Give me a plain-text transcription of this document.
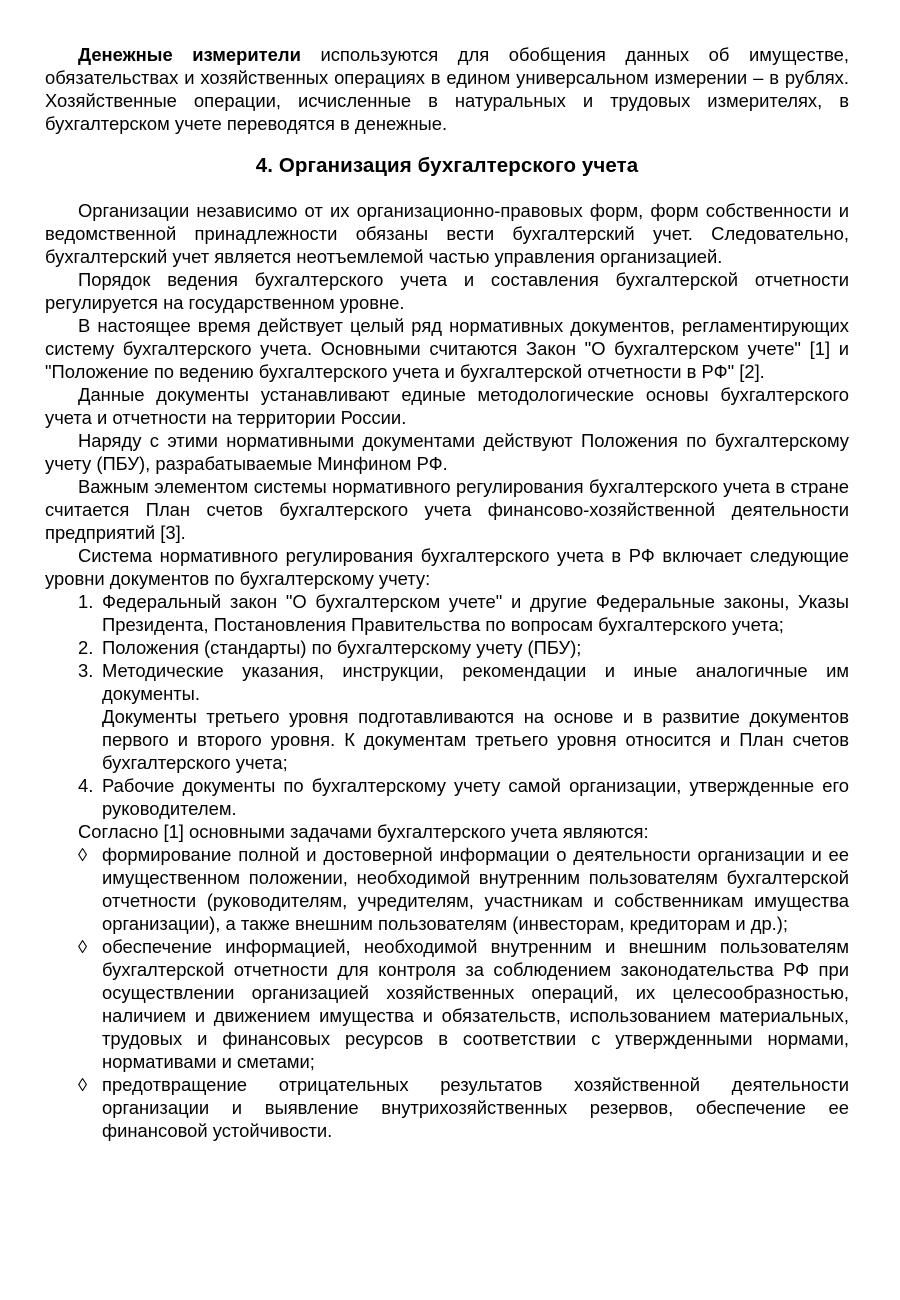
Денежные измерители используются для обобщения данных об имуществе, обязательствах и хозяйственных операциях в едином универсальном измерении – в рублях. Хозяйственные операции, исчисленные в натуральных и трудовых измерителях, в бухгалтерском учете переводятся в денежные.

4. Организация бухгалтерского учета

Организации независимо от их организационно-правовых форм, форм собственности и ведомственной принадлежности обязаны вести бухгалтерский учет. Следовательно, бухгалтерский учет является неотъемлемой частью управления организацией.

Порядок ведения бухгалтерского учета и составления бухгалтерской отчетности регулируется на государственном уровне.

В настоящее время действует целый ряд нормативных документов, регламентирующих систему бухгалтерского учета. Основными считаются Закон "О бухгалтерском учете" [1] и "Положение по ведению бухгалтерского учета и бухгалтерской отчетности в РФ" [2].

Данные документы устанавливают единые методологические основы бухгалтерского учета и отчетности на территории России.

Наряду с этими нормативными документами действуют Положения по бухгалтерскому учету (ПБУ), разрабатываемые Минфином РФ.

Важным элементом системы нормативного регулирования бухгалтерского учета в стране считается План счетов бухгалтерского учета финансово-хозяйственной деятельности предприятий [3].

Система нормативного регулирования бухгалтерского учета в РФ включает следующие уровни документов по бухгалтерскому учету:

1. Федеральный закон "О бухгалтерском учете" и другие Федеральные законы, Указы Президента, Постановления Правительства по вопросам бухгалтерского учета;
2. Положения (стандарты) по бухгалтерскому учету (ПБУ);
3. Методические указания, инструкции, рекомендации и иные аналогичные им документы.
Документы третьего уровня подготавливаются на основе и в развитие документов первого и второго уровня. К документам третьего уровня относится и План счетов бухгалтерского учета;
4. Рабочие документы по бухгалтерскому учету самой организации, утвержденные его руководителем.

Согласно [1] основными задачами бухгалтерского учета являются:

◊ формирование полной и достоверной информации о деятельности организации и ее имущественном положении, необходимой внутренним пользователям бухгалтерской отчетности (руководителям, учредителям, участникам и собственникам имущества организации), а также внешним пользователям (инвесторам, кредиторам и др.);
◊ обеспечение информацией, необходимой внутренним и внешним пользователям бухгалтерской отчетности для контроля за соблюдением законодательства РФ при осуществлении организацией хозяйственных операций, их целесообразностью, наличием и движением имущества и обязательств, использованием материальных, трудовых и финансовых ресурсов в соответствии с утвержденными нормами, нормативами и сметами;
◊ предотвращение отрицательных результатов хозяйственной деятельности организации и выявление внутрихозяйственных резервов, обеспечение ее финансовой устойчивости.
